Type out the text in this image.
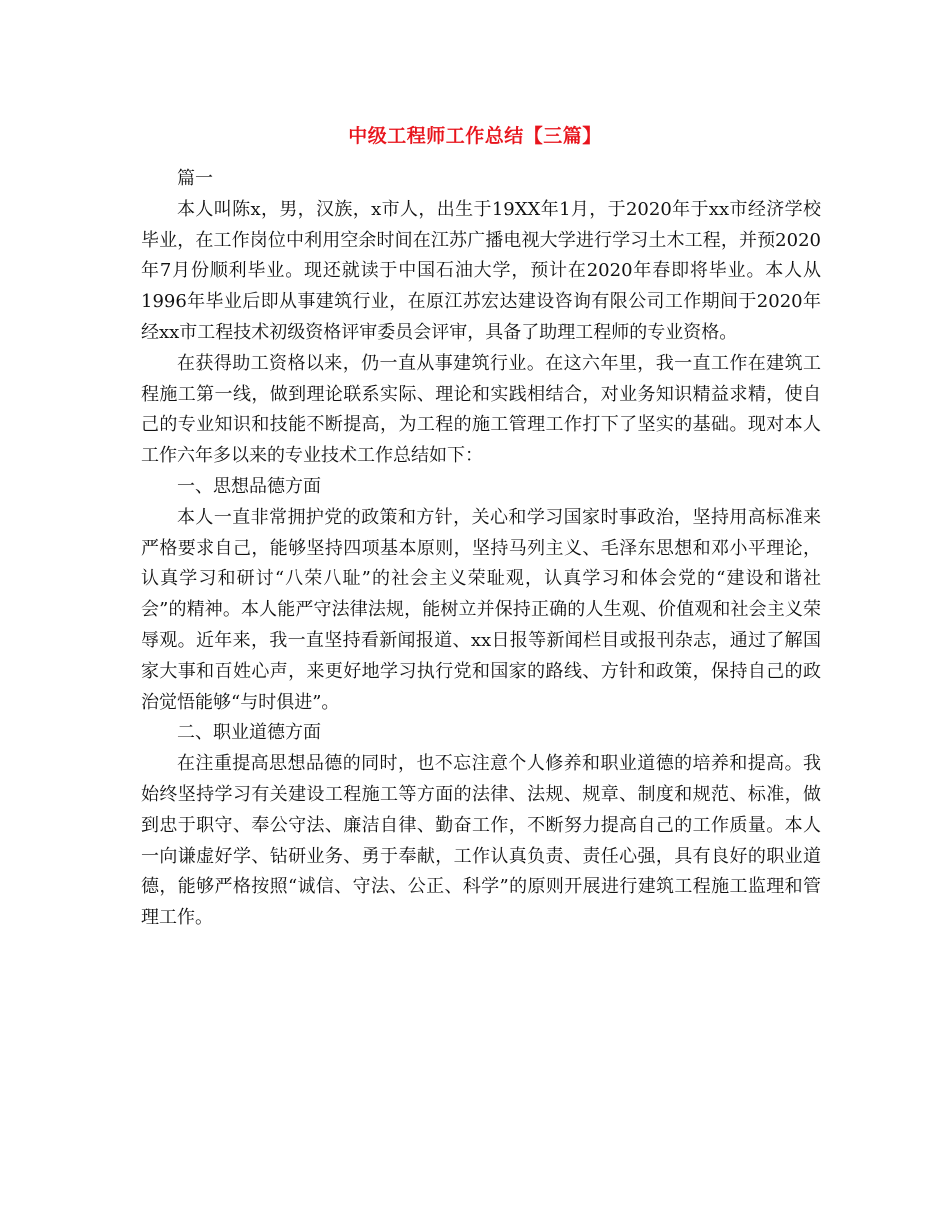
中级工程师工作总结【三篇】

篇一

本人叫陈x，男，汉族，x市人，出生于19XX年1月，于2020年于xx市经济学校毕业，在工作岗位中利用空余时间在江苏广播电视大学进行学习土木工程，并预2020年7月份顺利毕业。现还就读于中国石油大学，预计在2020年春即将毕业。本人从1996年毕业后即从事建筑行业，在原江苏宏达建设咨询有限公司工作期间于2020年经xx市工程技术初级资格评审委员会评审，具备了助理工程师的专业资格。

在获得助工资格以来，仍一直从事建筑行业。在这六年里，我一直工作在建筑工程施工第一线，做到理论联系实际、理论和实践相结合，对业务知识精益求精，使自己的专业知识和技能不断提高，为工程的施工管理工作打下了坚实的基础。现对本人工作六年多以来的专业技术工作总结如下：

一、思想品德方面

本人一直非常拥护党的政策和方针，关心和学习国家时事政治，坚持用高标准来严格要求自己，能够坚持四项基本原则，坚持马列主义、毛泽东思想和邓小平理论，认真学习和研讨“八荣八耻”的社会主义荣耻观，认真学习和体会党的“建设和谐社会”的精神。本人能严守法律法规，能树立并保持正确的人生观、价值观和社会主义荣辱观。近年来，我一直坚持看新闻报道、xx日报等新闻栏目或报刊杂志，通过了解国家大事和百姓心声，来更好地学习执行党和国家的路线、方针和政策，保持自己的政治觉悟能够“与时俱进”。

二、职业道德方面

在注重提高思想品德的同时，也不忘注意个人修养和职业道德的培养和提高。我始终坚持学习有关建设工程施工等方面的法律、法规、规章、制度和规范、标准，做到忠于职守、奉公守法、廉洁自律、勤奋工作，不断努力提高自己的工作质量。本人一向谦虚好学、钻研业务、勇于奉献，工作认真负责、责任心强，具有良好的职业道德，能够严格按照“诚信、守法、公正、科学”的原则开展进行建筑工程施工监理和管理工作。
